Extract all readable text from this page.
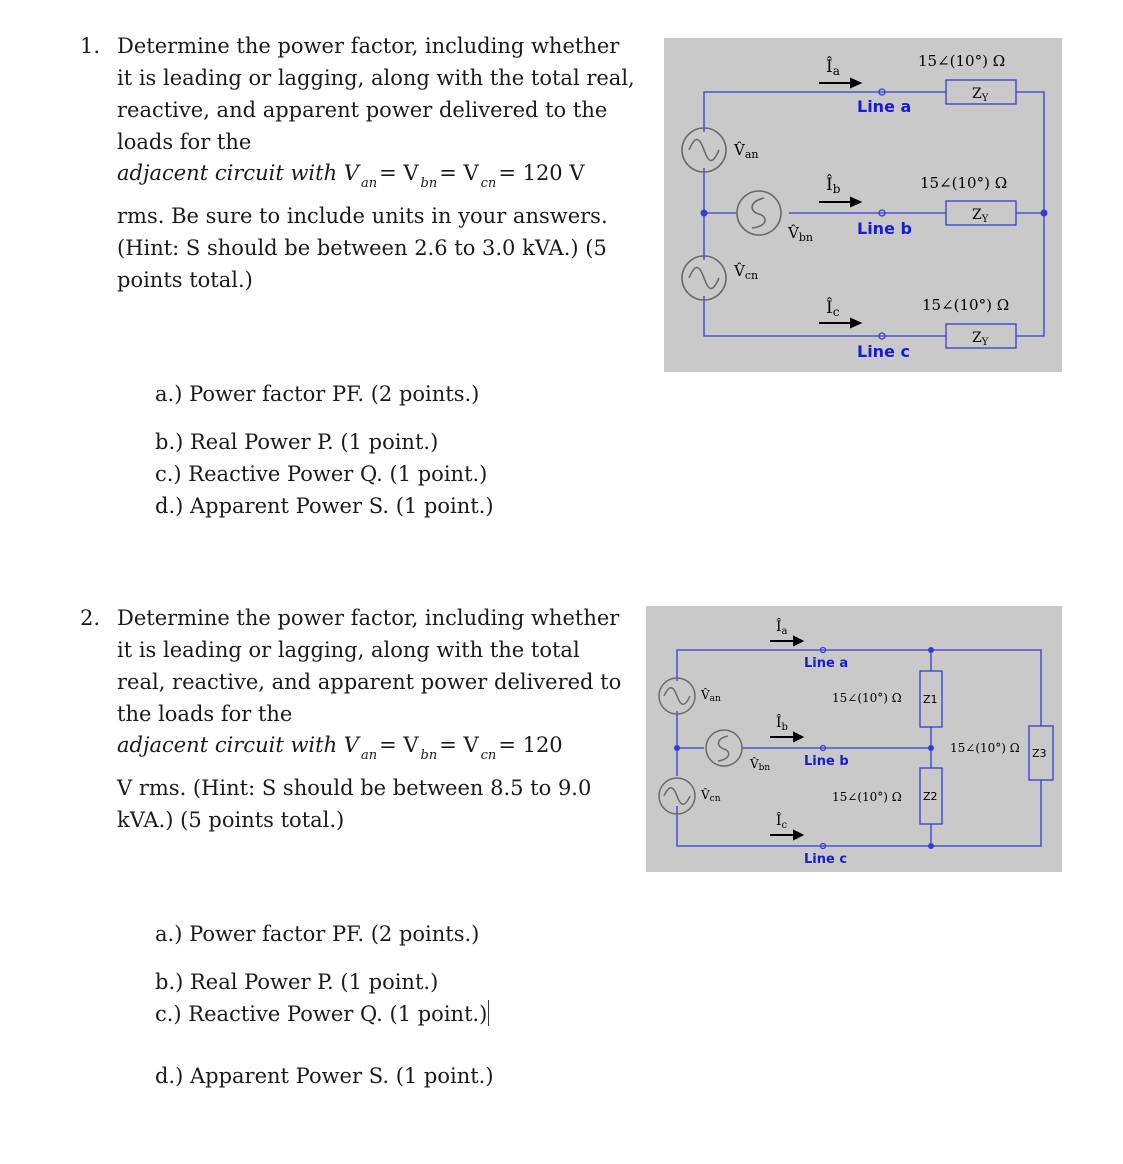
1. Determine the power factor, including whether
it is leading or lagging, along with the total real,
reactive, and apparent power delivered to the
loads for the
adjacent circuit with V $_{an}$= V $_{bn}$= V $_{cn}$= 120 V
rms. Be sure to include units in your answers.
(Hint: S should be between 2.6 to 3.0 kVA.) (5
points total.)
a.) Power factor PF. (2 points.)
b.) Real Power P. (1 point.)
c.) Reactive Power Q. (1 point.)
d.) Apparent Power S. (1 point.)
Îa
Îb
Îc
$V̂_{an}$
$V̂_{bn}$
$V̂_{cn}$
Line a
Line b
Line c
15∠(10°) Ω
15∠(10°) Ω
15∠(10°) Ω
$Z_Y$
$Z_Y$
$Z_Y$
2. Determine the power factor, including whether
it is leading or lagging, along with the total
real, reactive, and apparent power delivered to
the loads for the
adjacent circuit with V $_{an}$= V $_{bn}$= V $_{cn}$= 120
V rms. (Hint: S should be between 8.5 to 9.0
kVA.) (5 points total.)
a.) Power factor PF. (2 points.)
b.) Real Power P. (1 point.)
c.) Reactive Power Q. (1 point.)
d.) Apparent Power S. (1 point.)
$Î_a$
$Î_b$
$Î_c$
V̂an
V̂bn
V̂cn
Line a
Line b
Line c
15∠(10°) Ω
15∠(10°) Ω
15∠(10°) Ω
Z1
Z2
Z3
